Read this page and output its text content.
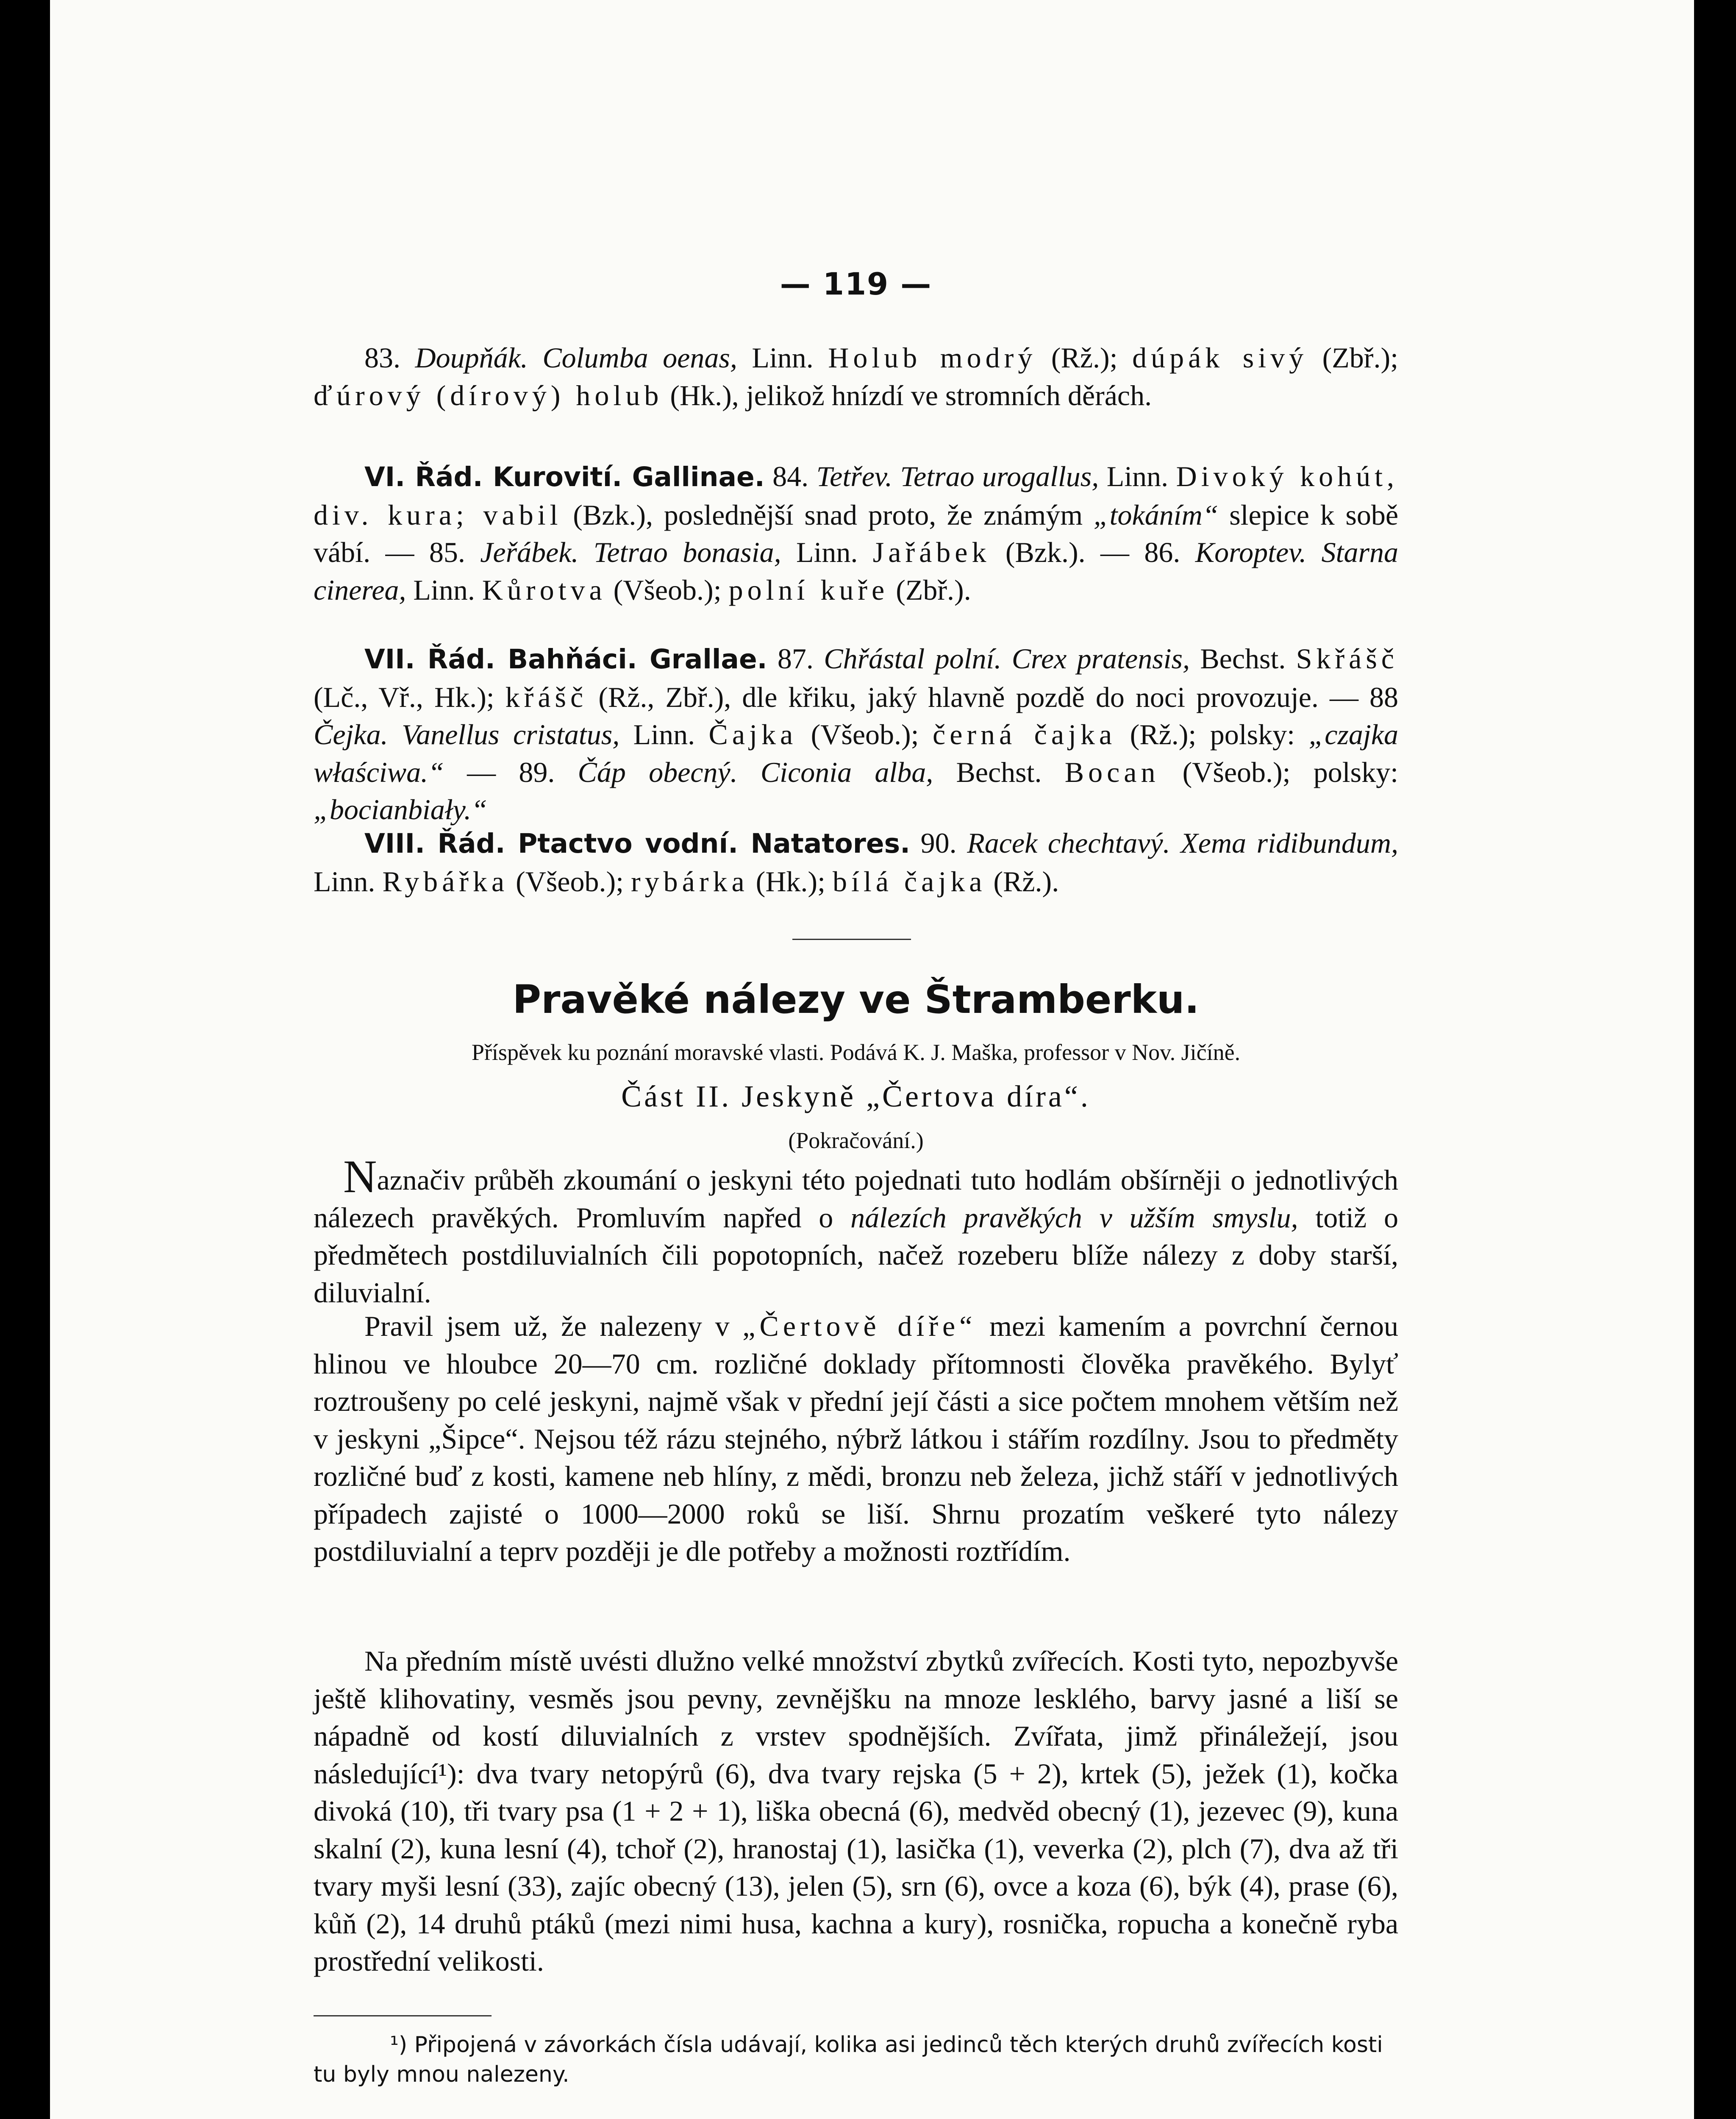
— 119 —

83. Doupňák. Columba oenas, Linn. Holub modrý (Rž.); dúpák sivý (Zbř.); ďúrový (dírový) holub (Hk.), jelikož hnízdí ve stromních děrách.

VI. Řád. Kurovití. Gallinae. 84. Tetřev. Tetrao urogallus, Linn. Divoký kohút, div. kura; vabil (Bzk.), poslednější snad proto, že známým „tokáním“ slepice k sobě vábí. — 85. Jeřábek. Tetrao bonasia, Linn. Jařábek (Bzk.). — 86. Koroptev. Starna cinerea, Linn. Kůrotva (Všeob.); polní kuře (Zbř.).

VII. Řád. Bahňáci. Grallae. 87. Chřástal polní. Crex pratensis, Bechst. Skřášč (Lč., Vř., Hk.); křášč (Rž., Zbř.), dle křiku, jaký hlavně pozdě do noci provozuje. — 88 Čejka. Vanellus cristatus, Linn. Čajka (Všeob.); černá čajka (Rž.); polsky: „czajka właściwa.“ — 89. Čáp obecný. Ciconia alba, Bechst. Bocan (Všeob.); polsky: „bocianbiały.“

VIII. Řád. Ptactvo vodní. Natatores. 90. Racek chechtavý. Xema ridibundum, Linn. Rybářka (Všeob.); rybárka (Hk.); bílá čajka (Rž.).

Pravěké nálezy ve Štramberku.
Příspěvek ku poznání moravské vlasti. Podává K. J. Maška, professor v Nov. Jičíně.
Část II. Jeskyně „Čertova díra“.
(Pokračování.)

Naznačiv průběh zkoumání o jeskyni této pojednati tuto hodlám obšírněji o jednotlivých nálezech pravěkých. Promluvím napřed o nálezích pravěkých v užším smyslu, totiž o předmětech postdiluvialních čili popotopních, načež rozeberu blíže nálezy z doby starší, diluvialní.

Pravil jsem už, že nalezeny v „Čertově díře“ mezi kamením a povrchní černou hlinou ve hloubce 20—70 cm. rozličné doklady přítomnosti člověka pravěkého. Bylyť roztroušeny po celé jeskyni, najmě však v přední její části a sice počtem mnohem větším než v jeskyni „Šipce“. Nejsou též rázu stejného, nýbrž látkou i stářím rozdílny. Jsou to předměty rozličné buď z kosti, kamene neb hlíny, z mědi, bronzu neb železa, jichž stáří v jednotlivých případech zajisté o 1000—2000 roků se liší. Shrnu prozatím veškeré tyto nálezy postdiluvialní a teprv později je dle potřeby a možnosti roztřídím.

Na předním místě uvésti dlužno velké množství zbytků zvířecích. Kosti tyto, nepozbyvše ještě klihovatiny, vesměs jsou pevny, zevnějšku na mnoze lesklého, barvy jasné a liší se nápadně od kostí diluvialních z vrstev spodnějších. Zvířata, jimž přináležejí, jsou následující¹): dva tvary netopýrů (6), dva tvary rejska (5 + 2), krtek (5), ježek (1), kočka divoká (10), tři tvary psa (1 + 2 + 1), liška obecná (6), medvěd obecný (1), jezevec (9), kuna skalní (2), kuna lesní (4), tchoř (2), hranostaj (1), lasička (1), veverka (2), plch (7), dva až tři tvary myši lesní (33), zajíc obecný (13), jelen (5), srn (6), ovce a koza (6), býk (4), prase (6), kůň (2), 14 druhů ptáků (mezi nimi husa, kachna a kury), rosnička, ropucha a konečně ryba prostřední velikosti.

¹) Připojená v závorkách čísla udávají, kolika asi jedinců těch kterých druhů zvířecích kosti tu byly mnou nalezeny.
